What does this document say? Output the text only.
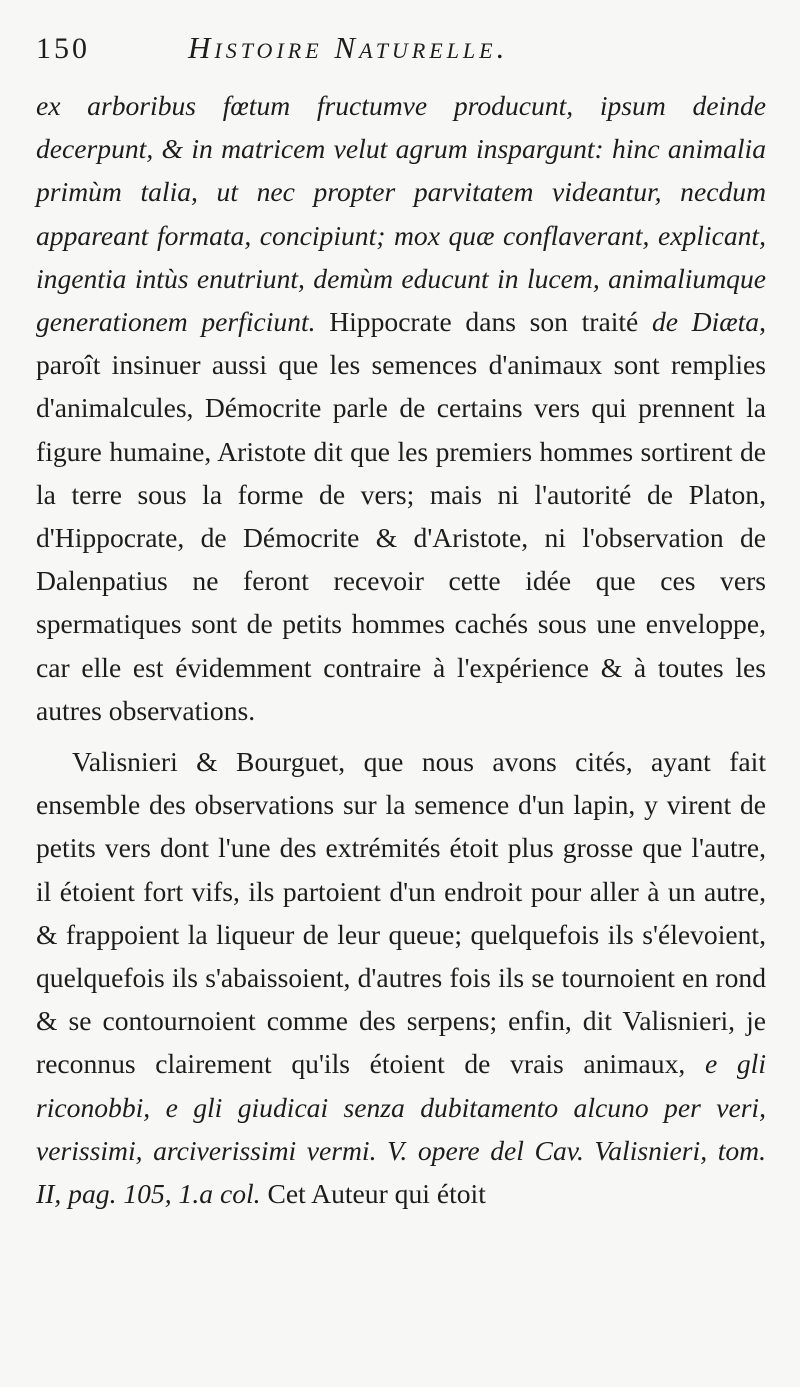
150	Histoire Naturelle.

ex arboribus fœtum fructumve producunt, ipsum deinde decerpunt, & in matricem velut agrum inspargunt: hinc animalia primùm talia, ut nec propter parvitatem videantur, necdum appareant formata, concipiunt; mox quæ conflaverant, explicant, ingentia intùs enutriunt, demùm educunt in lucem, animaliumque generationem perficiunt. Hippocrate dans son traité de Diæta, paroît insinuer aussi que les semences d'animaux sont remplies d'animalcules, Démocrite parle de certains vers qui prennent la figure humaine, Aristote dit que les premiers hommes sortirent de la terre sous la forme de vers; mais ni l'autorité de Platon, d'Hippocrate, de Démocrite & d'Aristote, ni l'observation de Dalenpatius ne feront recevoir cette idée que ces vers spermatiques sont de petits hommes cachés sous une enveloppe, car elle est évidemment contraire à l'expérience & à toutes les autres observations.

Valisnieri & Bourguet, que nous avons cités, ayant fait ensemble des observations sur la semence d'un lapin, y virent de petits vers dont l'une des extrémités étoit plus grosse que l'autre, il étoient fort vifs, ils partoient d'un endroit pour aller à un autre, & frappoient la liqueur de leur queue; quelquefois ils s'élevoient, quelquefois ils s'abaissoient, d'autres fois ils se tournoient en rond & se contournoient comme des serpens; enfin, dit Valisnieri, je reconnus clairement qu'ils étoient de vrais animaux, e gli riconobbi, e gli giudicai senza dubitamento alcuno per veri, verissimi, arciverissimi vermi. V. opere del Cav. Valisnieri, tom. II, pag. 105, 1.a col. Cet Auteur qui étoit
